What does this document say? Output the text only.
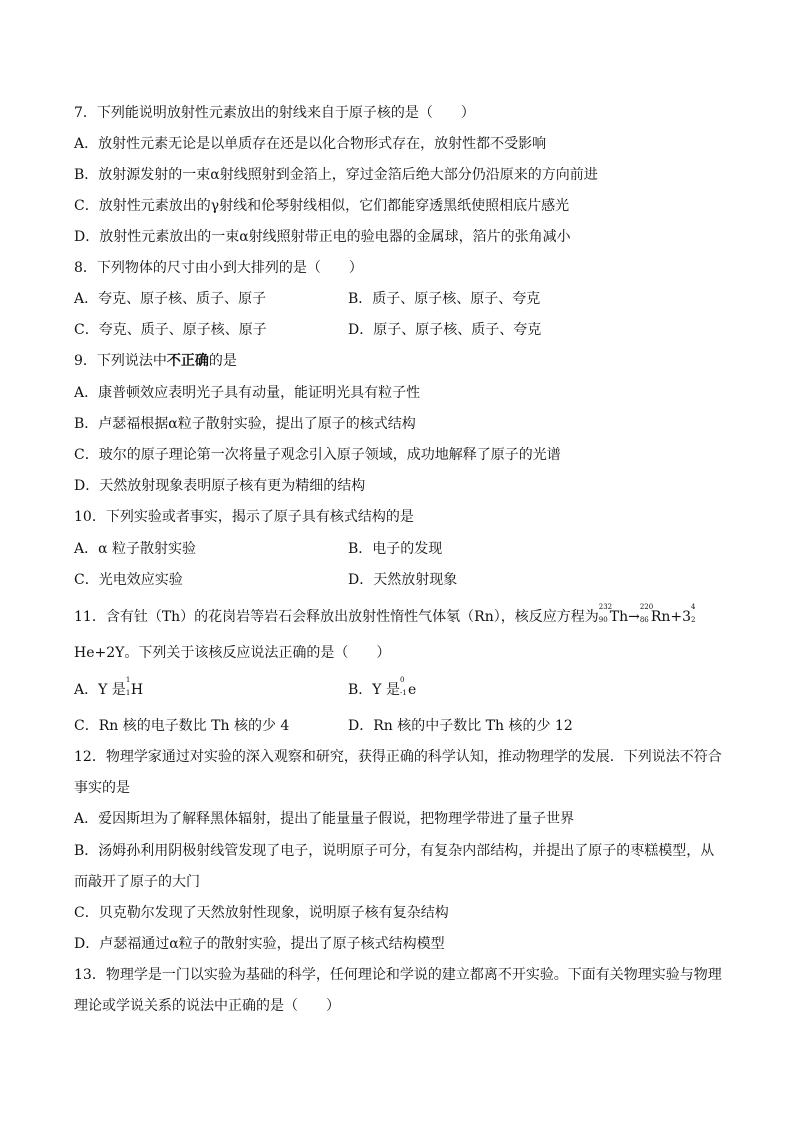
7．下列能说明放射性元素放出的射线来自于原子核的是（　　）
A．放射性元素无论是以单质存在还是以化合物形式存在，放射性都不受影响
B．放射源发射的一束α射线照射到金箔上，穿过金箔后绝大部分仍沿原来的方向前进
C．放射性元素放出的γ射线和伦琴射线相似，它们都能穿透黑纸使照相底片感光
D．放射性元素放出的一束α射线照射带正电的验电器的金属球，箔片的张角减小
8．下列物体的尺寸由小到大排列的是（　　）
A．夸克、原子核、质子、原子	B．质子、原子核、原子、夸克
C．夸克、质子、原子核、原子	D．原子、原子核、质子、夸克
9．下列说法中不正确的是
A．康普顿效应表明光子具有动量，能证明光具有粒子性
B．卢瑟福根据α粒子散射实验，提出了原子的核式结构
C．玻尔的原子理论第一次将量子观念引入原子领域，成功地解释了原子的光谱
D．天然放射现象表明原子核有更为精细的结构
10．下列实验或者事实，揭示了原子具有核式结构的是
A．α 粒子散射实验	B．电子的发现
C．光电效应实验	D．天然放射现象
11．含有钍（Th）的花岗岩等岩石会释放出放射性惰性气体氡（Rn），核反应方程为
232
90 Th→
220
86 Rn+3
4
2
He+2Y。下列关于该核反应说法正确的是（　　）
A．Y 是
1
1 H	B．Y 是
0
-1 e
C．Rn 核的电子数比 Th 核的少 4	D．Rn 核的中子数比 Th 核的少 12
12．物理学家通过对实验的深入观察和研究，获得正确的科学认知，推动物理学的发展．下列说法不符合
事实的是
A．爱因斯坦为了解释黑体辐射，提出了能量量子假说，把物理学带进了量子世界
B．汤姆孙利用阴极射线管发现了电子，说明原子可分，有复杂内部结构，并提出了原子的枣糕模型，从
而敲开了原子的大门
C．贝克勒尔发现了天然放射性现象，说明原子核有复杂结构
D．卢瑟福通过α粒子的散射实验，提出了原子核式结构模型
13．物理学是一门以实验为基础的科学，任何理论和学说的建立都离不开实验。下面有关物理实验与物理
理论或学说关系的说法中正确的是（　　）
